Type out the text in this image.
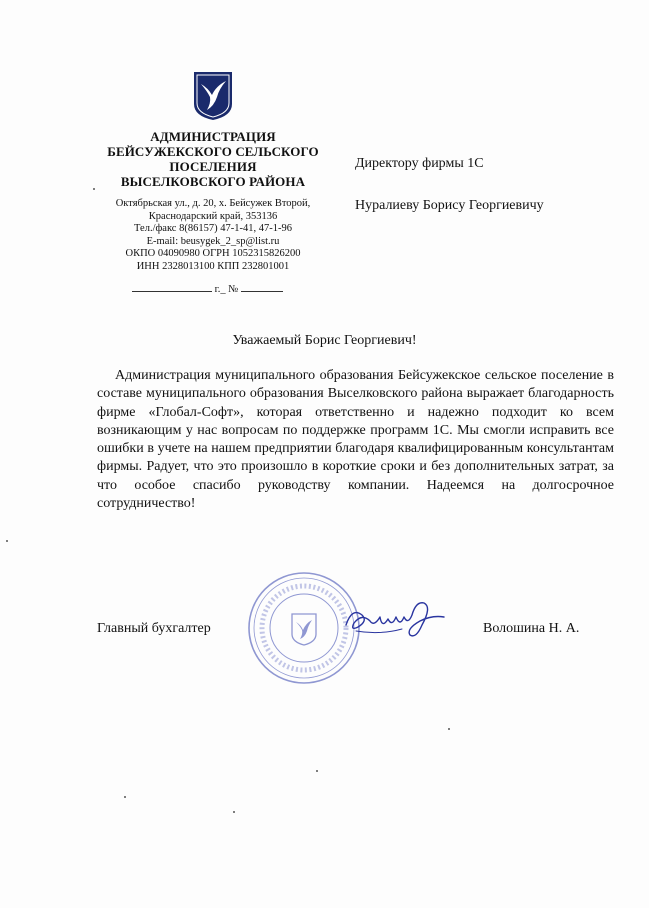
АДМИНИСТРАЦИЯ
БЕЙСУЖЕКСКОГО СЕЛЬСКОГО
ПОСЕЛЕНИЯ
ВЫСЕЛКОВСКОГО РАЙОНА
Октябрьская ул., д. 20, х. Бейсужек Второй,
Краснодарский край, 353136
Тел./факс 8(86157) 47-1-41, 47-1-96
E-mail: beusygek_2_sp@list.ru
ОКПО 04090980 ОГРН 1052315826200
ИНН 2328013100 КПП 232801001
г._ №
Директору фирмы 1С
Нуралиеву Борису Георгиевичу
Уважаемый Борис Георгиевич!
Администрация муниципального образования Бейсужекское сельское поселение в составе муниципального образования Выселковского района выражает благодарность фирме «Глобал-Софт», которая ответственно и надежно подходит ко всем возникающим у нас вопросам по поддержке программ 1С. Мы смогли исправить все ошибки в учете на нашем предприятии благодаря квалифицированным консультантам фирмы. Радует, что это произошло в короткие сроки и без дополнительных затрат, за что особое спасибо руководству компании. Надеемся на долгосрочное сотрудничество!
Главный бухгалтер	Волошина Н. А.
